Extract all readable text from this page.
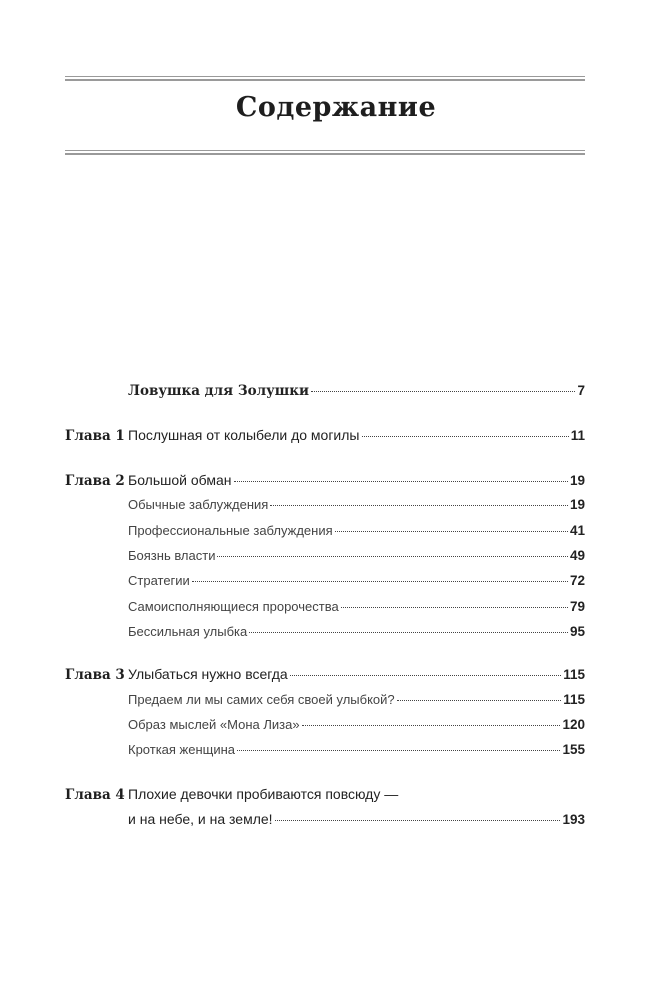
Содержание
Ловушка для Золушки	7
Глава 1 Послушная от колыбели до могилы	11
Глава 2 Большой обман	19
Обычные заблуждения	19
Профессиональные заблуждения	41
Боязнь власти	49
Стратегии	72
Самоисполняющиеся пророчества	79
Бессильная улыбка	95
Глава 3 Улыбаться нужно всегда	115
Предаем ли мы самих себя своей улыбкой?	115
Образ мыслей «Мона Лиза»	120
Кроткая женщина	155
Глава 4 Плохие девочки пробиваются повсюду —
и на небе, и на земле!	193
